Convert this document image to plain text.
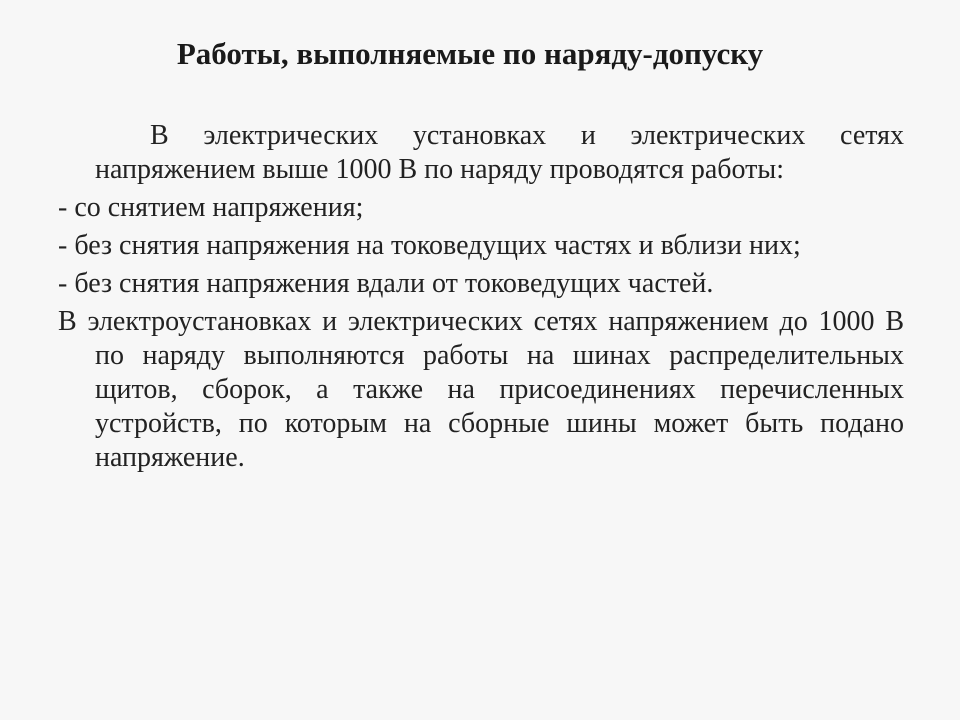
Работы, выполняемые по наряду-допуску

В электрических установках и электрических сетях напряжением выше 1000 В по наряду проводятся работы:

- со снятием напряжения;

- без снятия напряжения на токоведущих частях и вблизи них;

- без снятия напряжения вдали от токоведущих частей.

В электроустановках и электрических сетях напряжением до 1000 В по наряду выполняются работы на шинах распределительных щитов, сборок, а также на присоединениях перечисленных устройств, по которым на сборные шины может быть подано напряжение.
